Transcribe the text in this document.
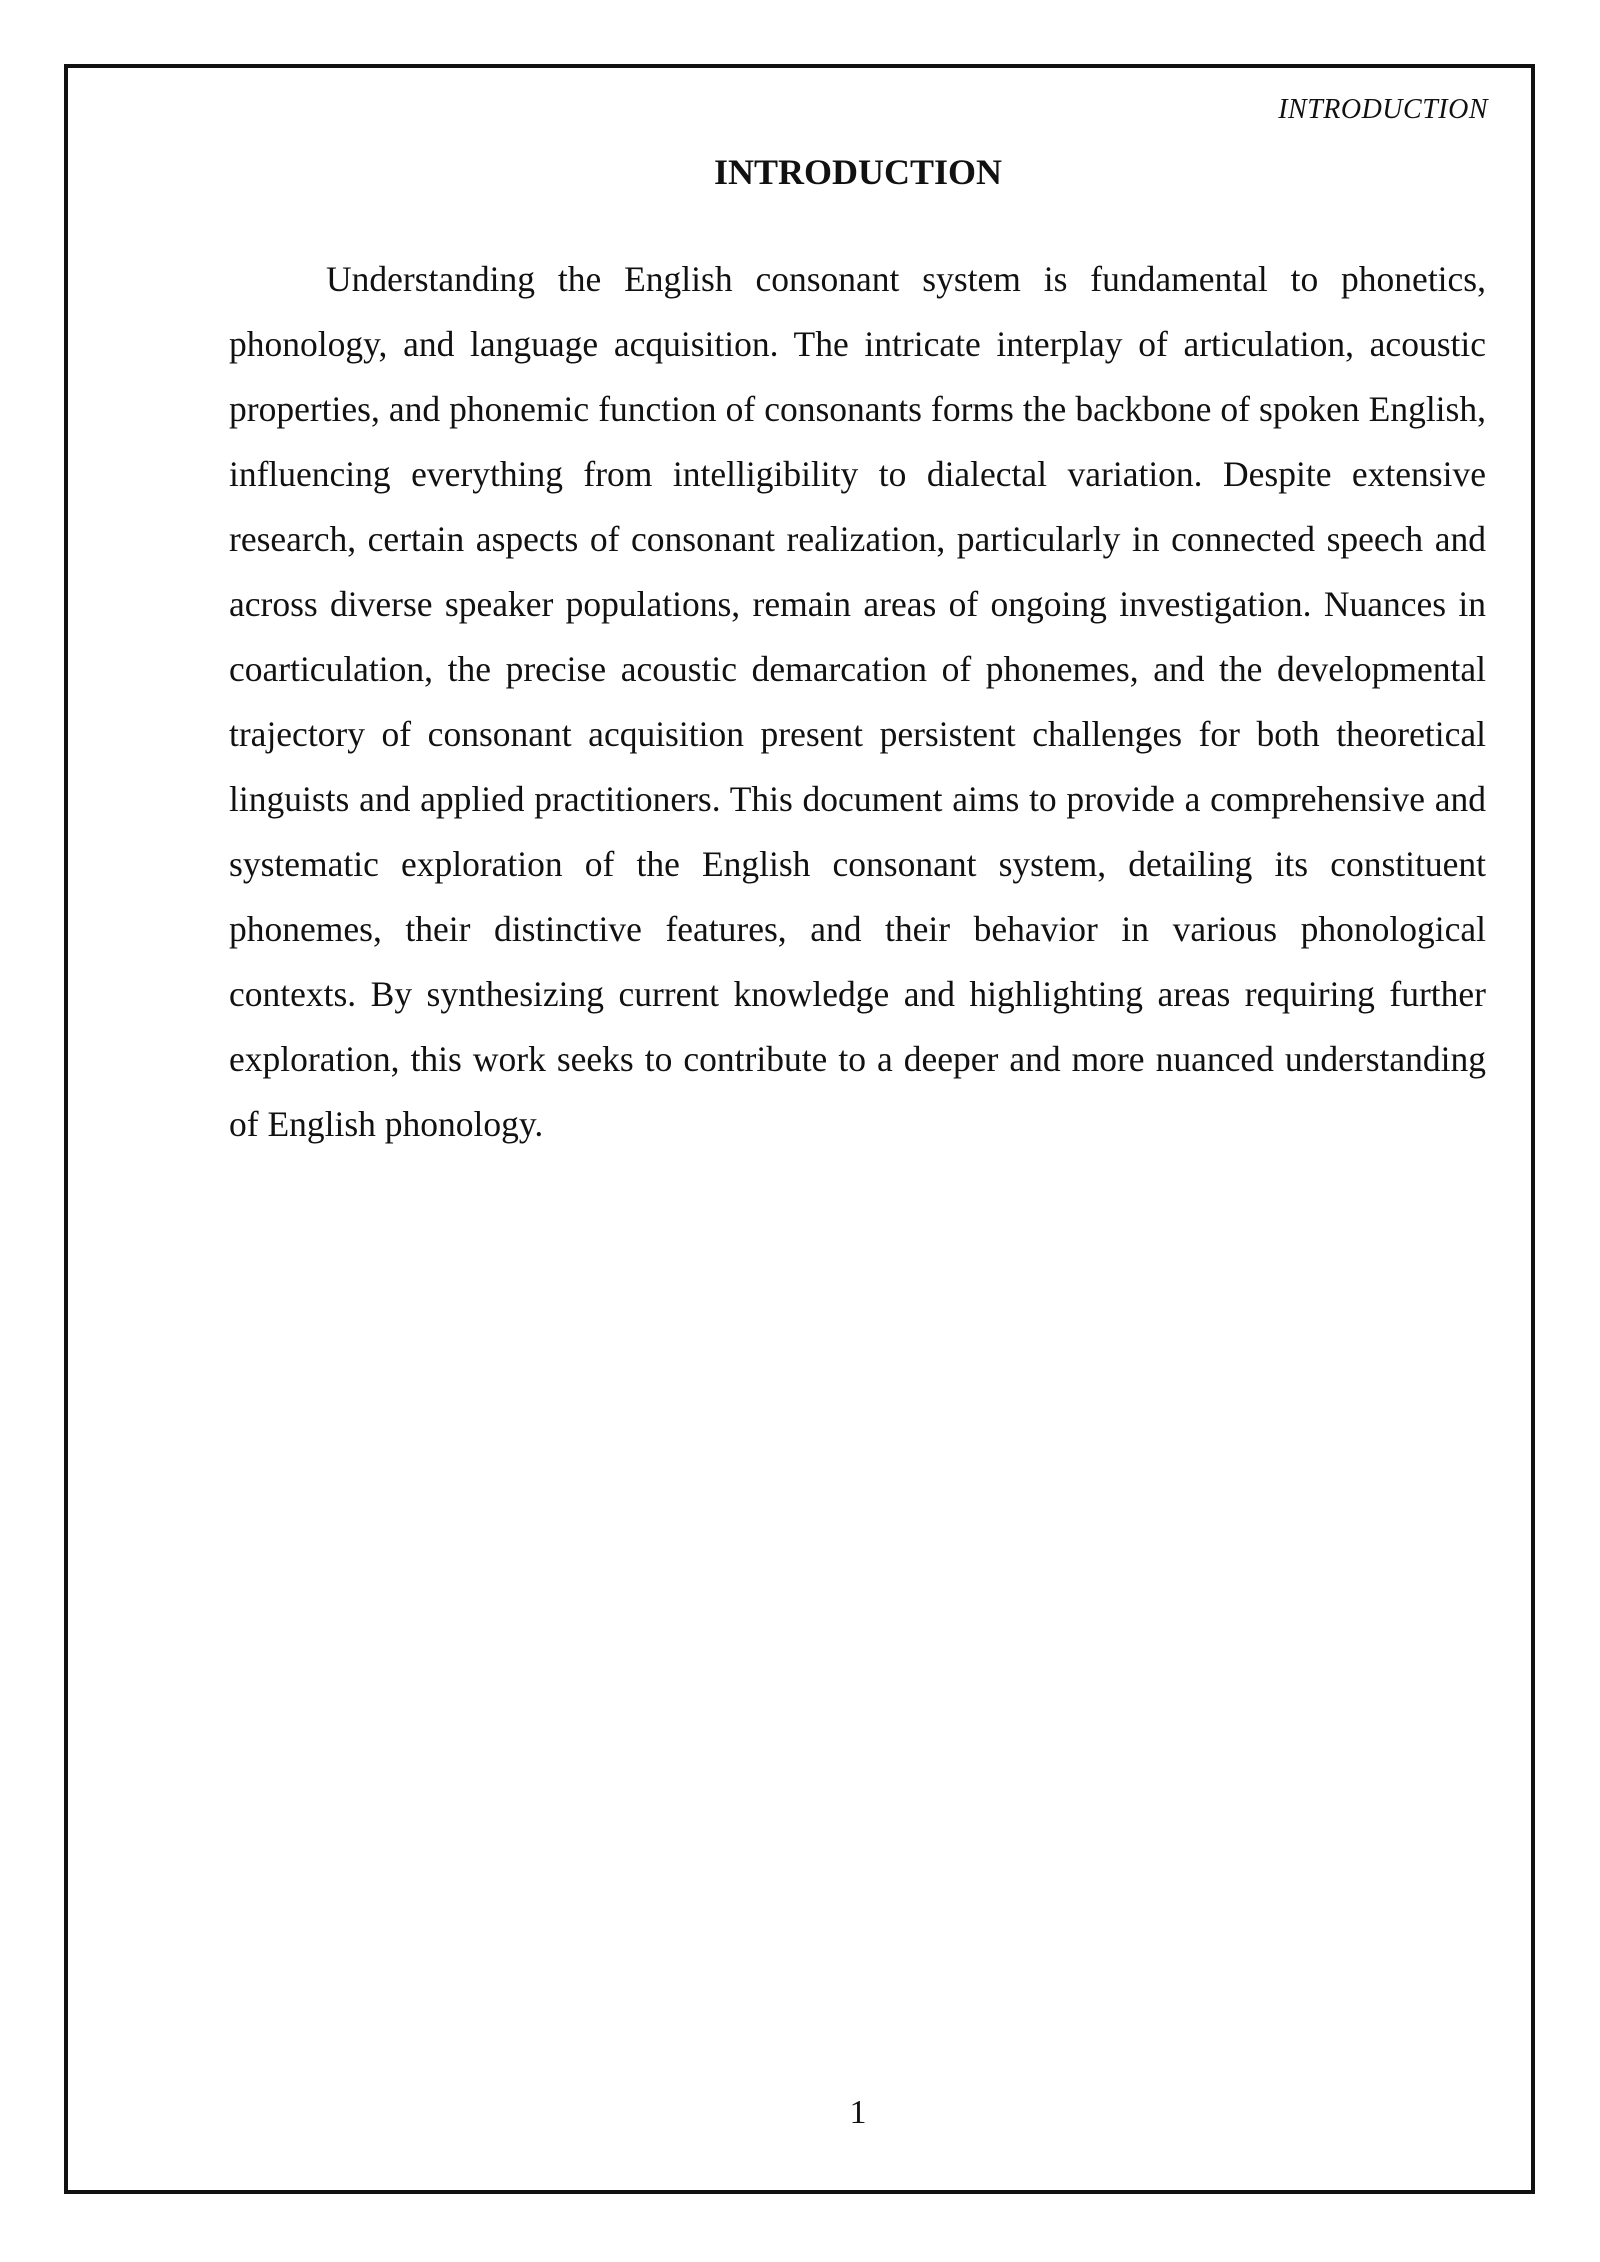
INTRODUCTION
INTRODUCTION

Understanding the English consonant system is fundamental to phonetics, phonology, and language acquisition. The intricate interplay of articulation, acoustic properties, and phonemic function of consonants forms the backbone of spoken English, influencing everything from intelligibility to dialectal variation. Despite extensive research, certain aspects of consonant realization, particularly in connected speech and across diverse speaker populations, remain areas of ongoing investigation. Nuances in coarticulation, the precise acoustic demarcation of phonemes, and the developmental trajectory of consonant acquisition present persistent challenges for both theoretical linguists and applied practitioners. This document aims to provide a comprehensive and systematic exploration of the English consonant system, detailing its constituent phonemes, their distinctive features, and their behavior in various phonological contexts. By synthesizing current knowledge and highlighting areas requiring further exploration, this work seeks to contribute to a deeper and more nuanced understanding of English phonology.

1
